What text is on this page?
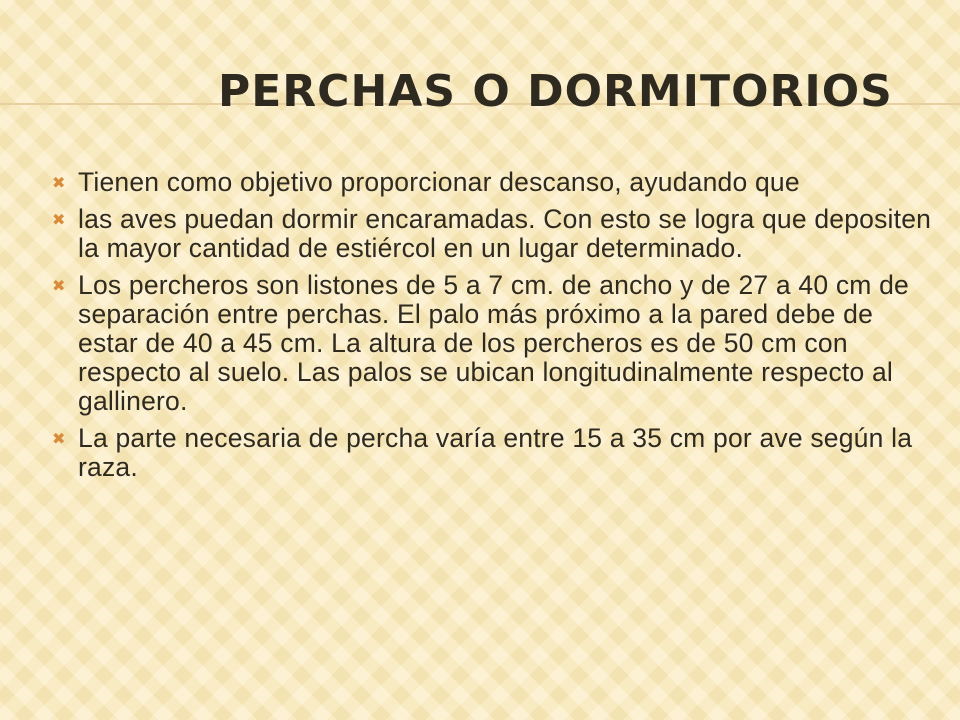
PERCHAS O DORMITORIOS
✖ Tienen como objetivo proporcionar descanso, ayudando que

✖ las aves puedan dormir encaramadas. Con esto se logra que depositen la mayor cantidad de estiércol en un lugar determinado.

✖ Los percheros son listones de 5 a 7 cm. de ancho y de 27 a 40 cm de separación entre perchas. El palo más próximo a la pared debe de estar de 40 a 45 cm. La altura de los percheros es de 50 cm con respecto al suelo. Las palos se ubican longitudinalmente respecto al gallinero.

✖ La parte necesaria de percha varía entre 15 a 35 cm por ave según la raza.
